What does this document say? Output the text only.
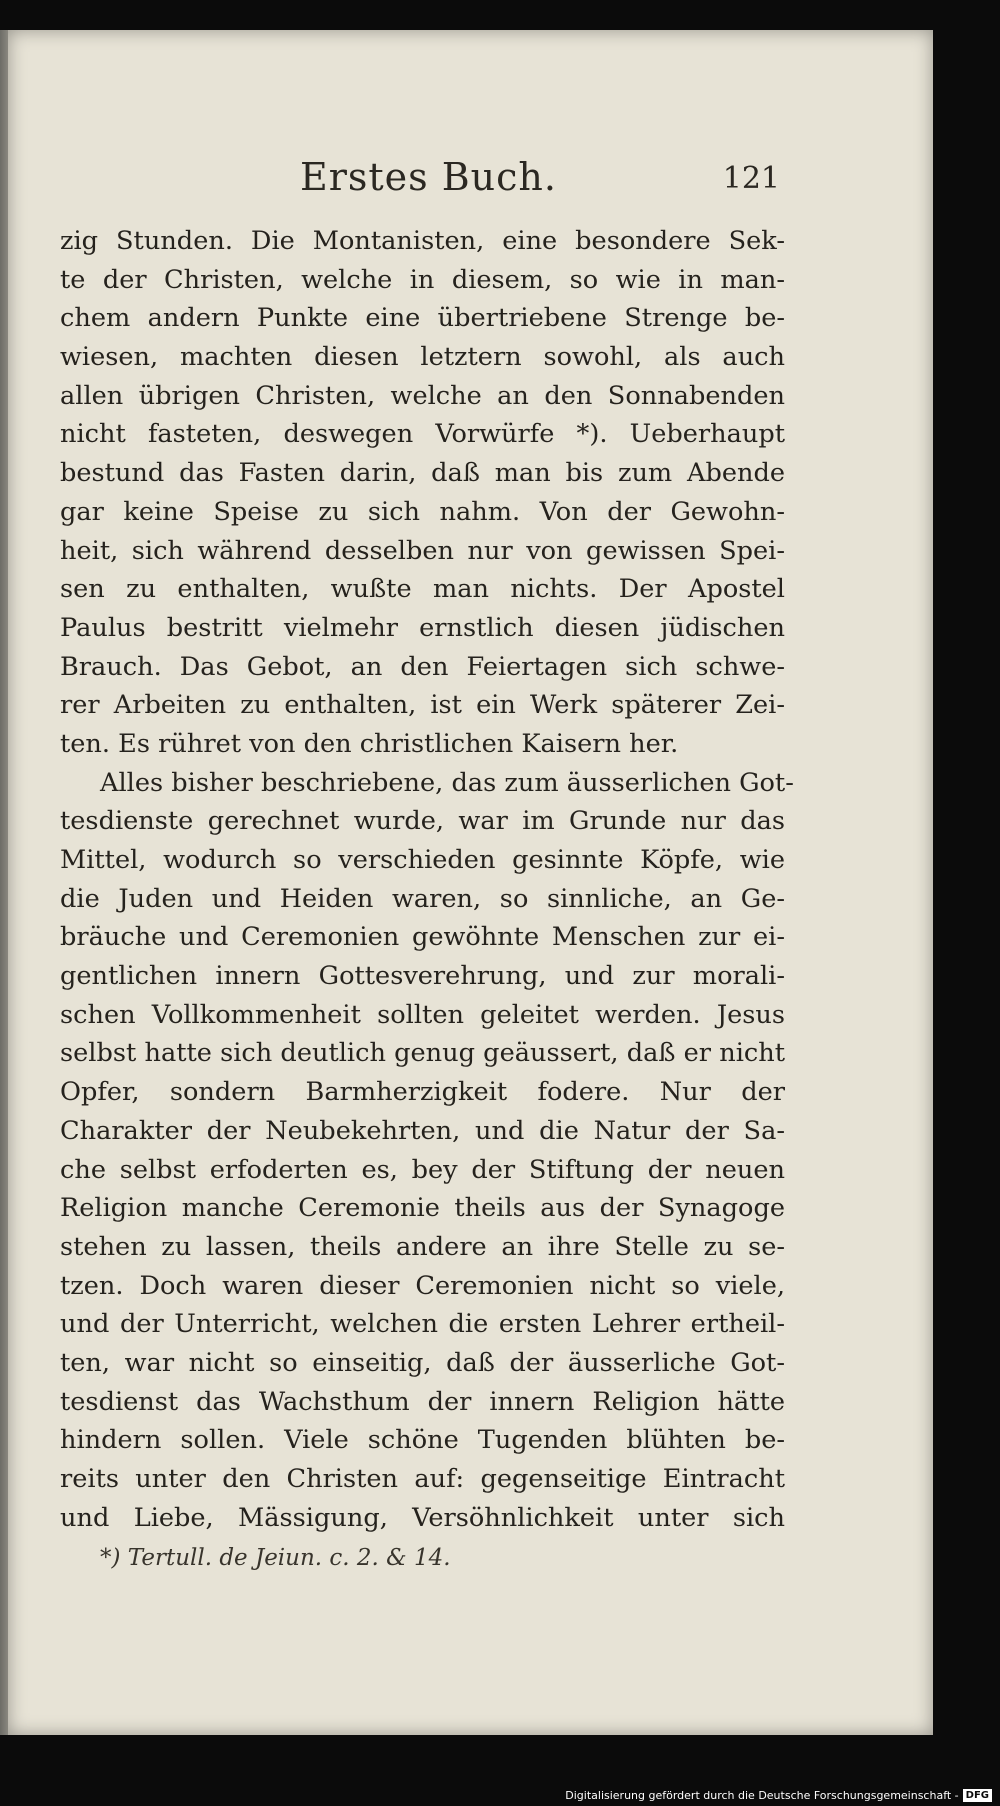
Erstes Buch.	121
zig Stunden. Die Montanisten, eine besondere Sek-
te der Christen, welche in diesem, so wie in man-
chem andern Punkte eine übertriebene Strenge be-
wiesen, machten diesen letztern sowohl, als auch
allen übrigen Christen, welche an den Sonnabenden
nicht fasteten, deswegen Vorwürfe *). Ueberhaupt
bestund das Fasten darin, daß man bis zum Abende
gar keine Speise zu sich nahm. Von der Gewohn-
heit, sich während desselben nur von gewissen Spei-
sen zu enthalten, wußte man nichts. Der Apostel
Paulus bestritt vielmehr ernstlich diesen jüdischen
Brauch. Das Gebot, an den Feiertagen sich schwe-
rer Arbeiten zu enthalten, ist ein Werk späterer Zei-
ten. Es rühret von den christlichen Kaisern her.
Alles bisher beschriebene, das zum äusserlichen Got-
tesdienste gerechnet wurde, war im Grunde nur das
Mittel, wodurch so verschieden gesinnte Köpfe, wie
die Juden und Heiden waren, so sinnliche, an Ge-
bräuche und Ceremonien gewöhnte Menschen zur ei-
gentlichen innern Gottesverehrung, und zur morali-
schen Vollkommenheit sollten geleitet werden. Jesus
selbst hatte sich deutlich genug geäussert, daß er nicht
Opfer, sondern Barmherzigkeit fodere. Nur der
Charakter der Neubekehrten, und die Natur der Sa-
che selbst erfoderten es, bey der Stiftung der neuen
Religion manche Ceremonie theils aus der Synagoge
stehen zu lassen, theils andere an ihre Stelle zu se-
tzen. Doch waren dieser Ceremonien nicht so viele,
und der Unterricht, welchen die ersten Lehrer ertheil-
ten, war nicht so einseitig, daß der äusserliche Got-
tesdienst das Wachsthum der innern Religion hätte
hindern sollen. Viele schöne Tugenden blühten be-
reits unter den Christen auf: gegenseitige Eintracht
und Liebe, Mässigung, Versöhnlichkeit unter sich
*) Tertull. de Jeiun. c. 2. & 14.
Digitalisierung gefördert durch die Deutsche Forschungsgemeinschaft - DFG
